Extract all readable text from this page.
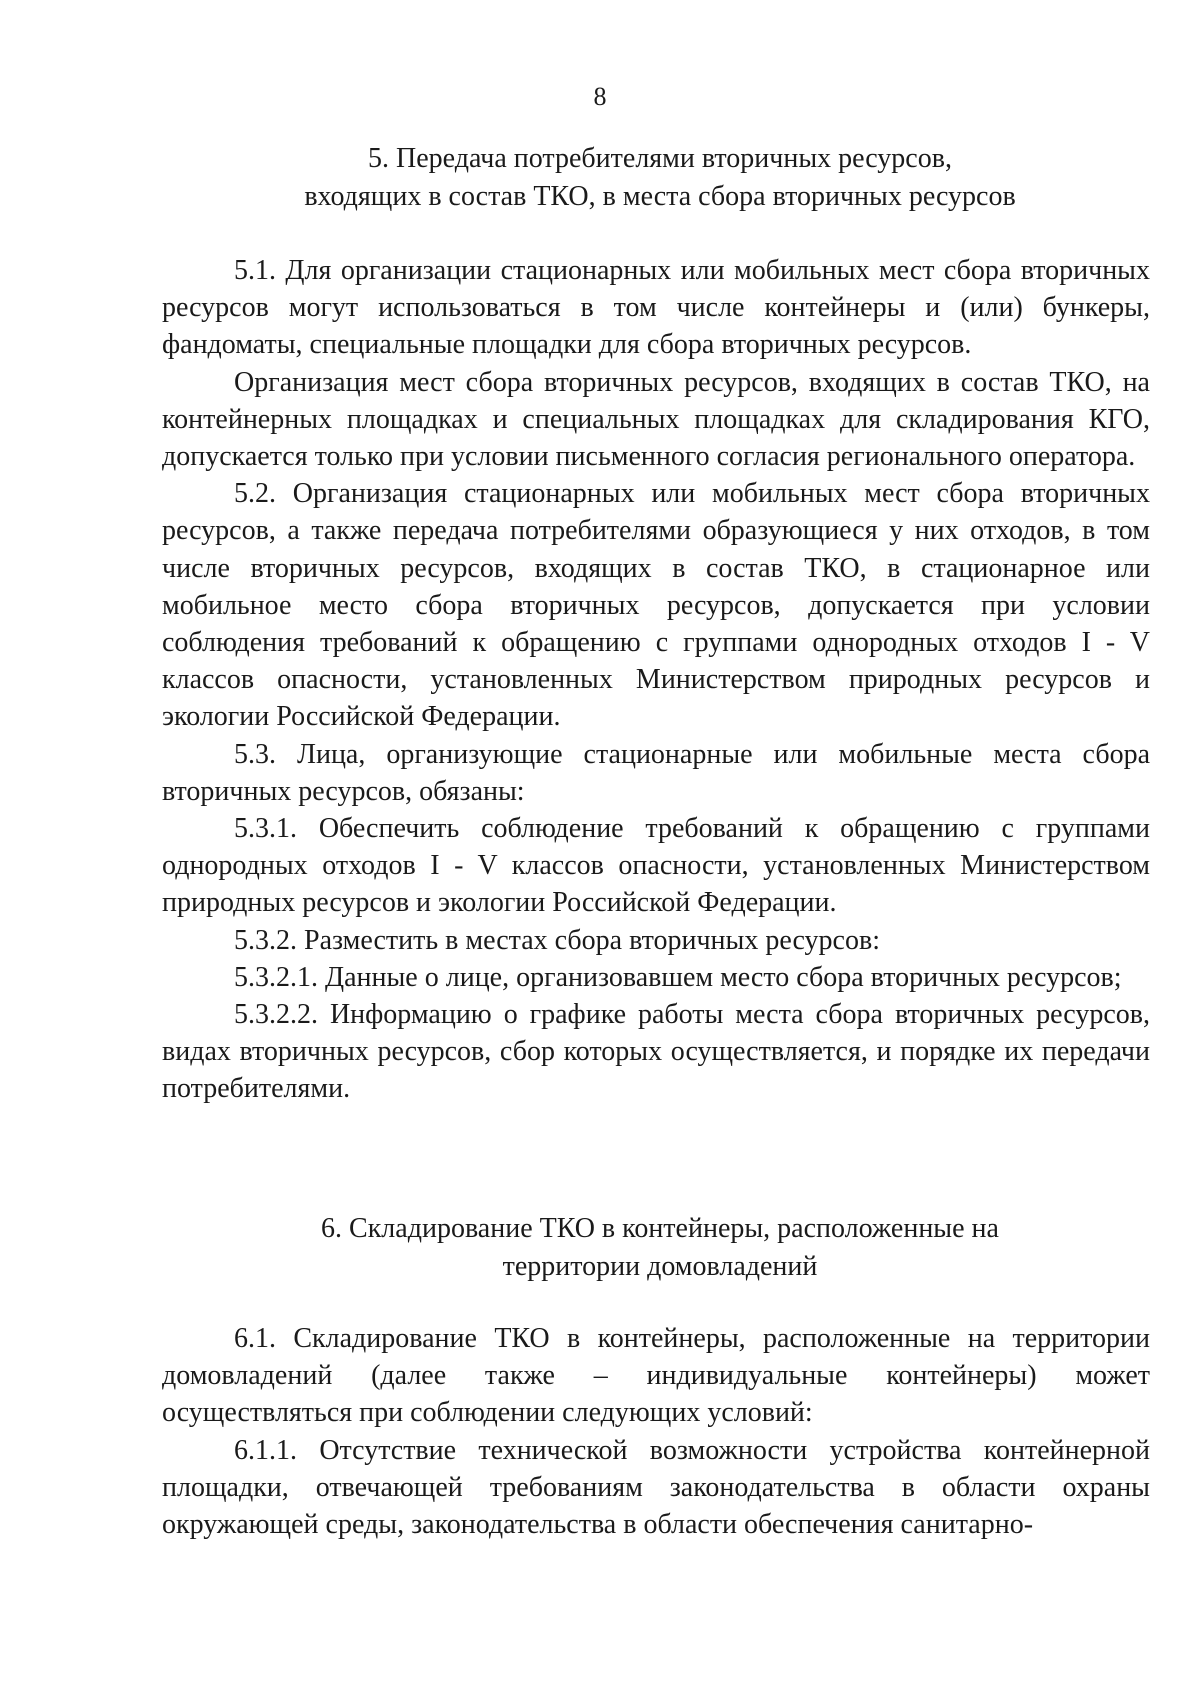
8
5. Передача потребителями вторичных ресурсов,
входящих в состав ТКО, в места сбора вторичных ресурсов

5.1. Для организации стационарных или мобильных мест сбора вторичных ресурсов могут использоваться в том числе контейнеры и (или) бункеры, фандоматы, специальные площадки для сбора вторичных ресурсов.

Организация мест сбора вторичных ресурсов, входящих в состав ТКО, на контейнерных площадках и специальных площадках для складирования КГО, допускается только при условии письменного согласия регионального оператора.

5.2. Организация стационарных или мобильных мест сбора вторичных ресурсов, а также передача потребителями образующиеся у них отходов, в том числе вторичных ресурсов, входящих в состав ТКО, в стационарное или мобильное место сбора вторичных ресурсов, допускается при условии соблюдения требований к обращению с группами однородных отходов I - V классов опасности, установленных Министерством природных ресурсов и экологии Российской Федерации.

5.3. Лица, организующие стационарные или мобильные места сбора вторичных ресурсов, обязаны:

5.3.1. Обеспечить соблюдение требований к обращению с группами однородных отходов I - V классов опасности, установленных Министерством природных ресурсов и экологии Российской Федерации.

5.3.2. Разместить в местах сбора вторичных ресурсов:

5.3.2.1. Данные о лице, организовавшем место сбора вторичных ресурсов;

5.3.2.2. Информацию о графике работы места сбора вторичных ресурсов, видах вторичных ресурсов, сбор которых осуществляется, и порядке их передачи потребителями.

6. Складирование ТКО в контейнеры, расположенные на
территории домовладений

6.1. Складирование ТКО в контейнеры, расположенные на территории домовладений (далее также – индивидуальные контейнеры) может осуществляться при соблюдении следующих условий:

6.1.1. Отсутствие технической возможности устройства контейнерной площадки, отвечающей требованиям законодательства в области охраны окружающей среды, законодательства в области обеспечения санитарно-
